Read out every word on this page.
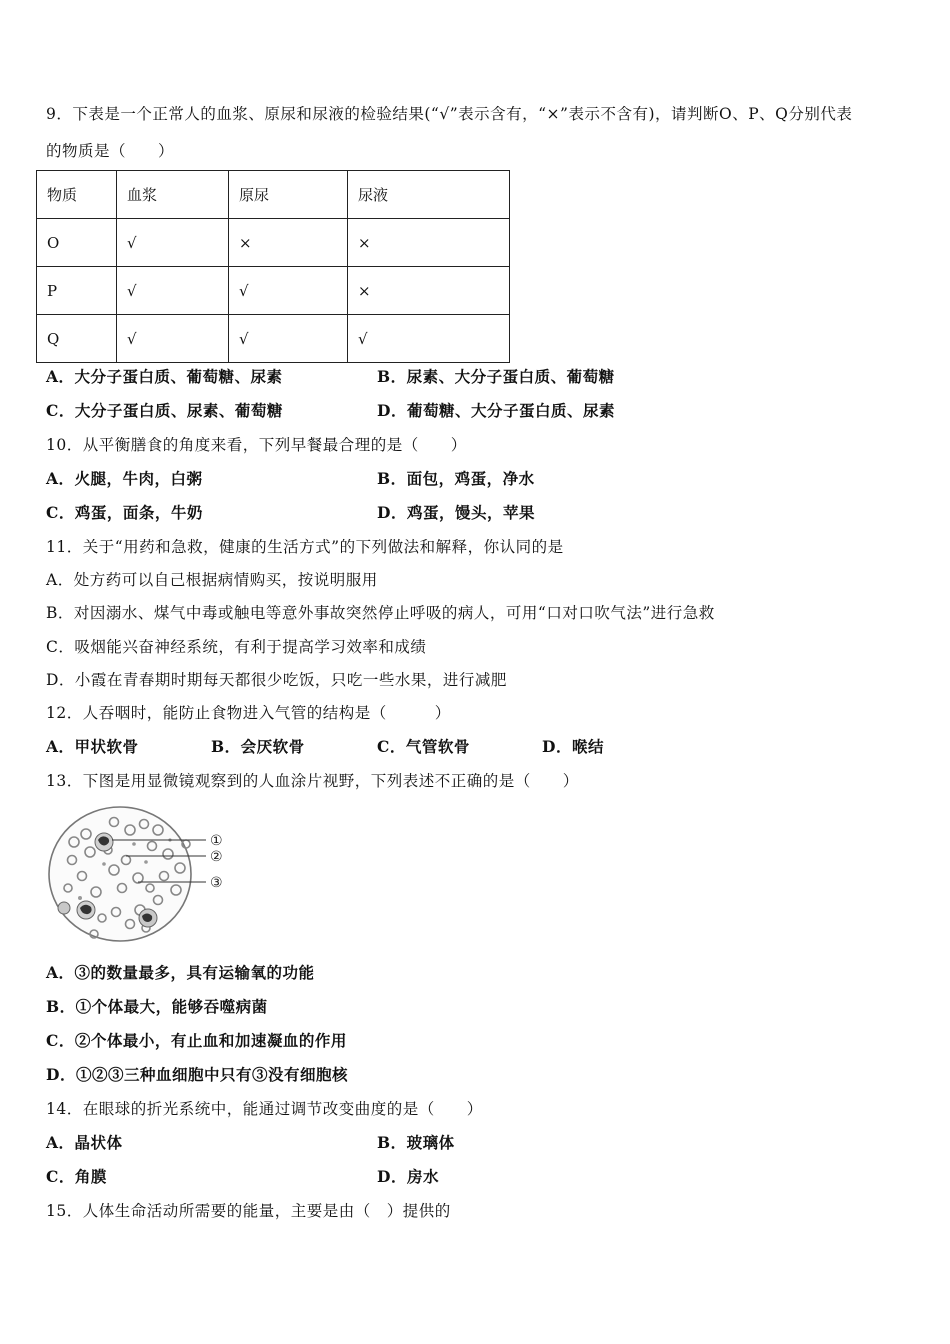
9．下表是一个正常人的血浆、原尿和尿液的检验结果(“√”表示含有，“×”表示不含有)，请判断O、P、Q分别代表
的物质是（　　）
物质	血浆	原尿	尿液
O	√	×	×
P	√	√	×
Q	√	√	√
A．大分子蛋白质、葡萄糖、尿素	B．尿素、大分子蛋白质、葡萄糖
C．大分子蛋白质、尿素、葡萄糖	D．葡萄糖、大分子蛋白质、尿素
10．从平衡膳食的角度来看，下列早餐最合理的是（　　）
A．火腿，牛肉，白粥	B．面包，鸡蛋，净水
C．鸡蛋，面条，牛奶	D．鸡蛋，馒头，苹果
11．关于“用药和急救，健康的生活方式”的下列做法和解释，你认同的是
A．处方药可以自己根据病情购买，按说明服用
B．对因溺水、煤气中毒或触电等意外事故突然停止呼吸的病人，可用“口对口吹气法”进行急救
C．吸烟能兴奋神经系统，有利于提高学习效率和成绩
D．小霞在青春期时期每天都很少吃饭，只吃一些水果，进行减肥
12．人吞咽时，能防止食物进入气管的结构是（　　　）
A．甲状软骨	B．会厌软骨	C．气管软骨	D．喉结
13．下图是用显微镜观察到的人血涂片视野，下列表述不正确的是（　　）
①
②
③
A．③的数量最多，具有运输氧的功能
B．①个体最大，能够吞噬病菌
C．②个体最小，有止血和加速凝血的作用
D．①②③三种血细胞中只有③没有细胞核
14．在眼球的折光系统中，能通过调节改变曲度的是（　　）
A．晶状体	B．玻璃体
C．角膜	D．房水
15．人体生命活动所需要的能量，主要是由（　）提供的
